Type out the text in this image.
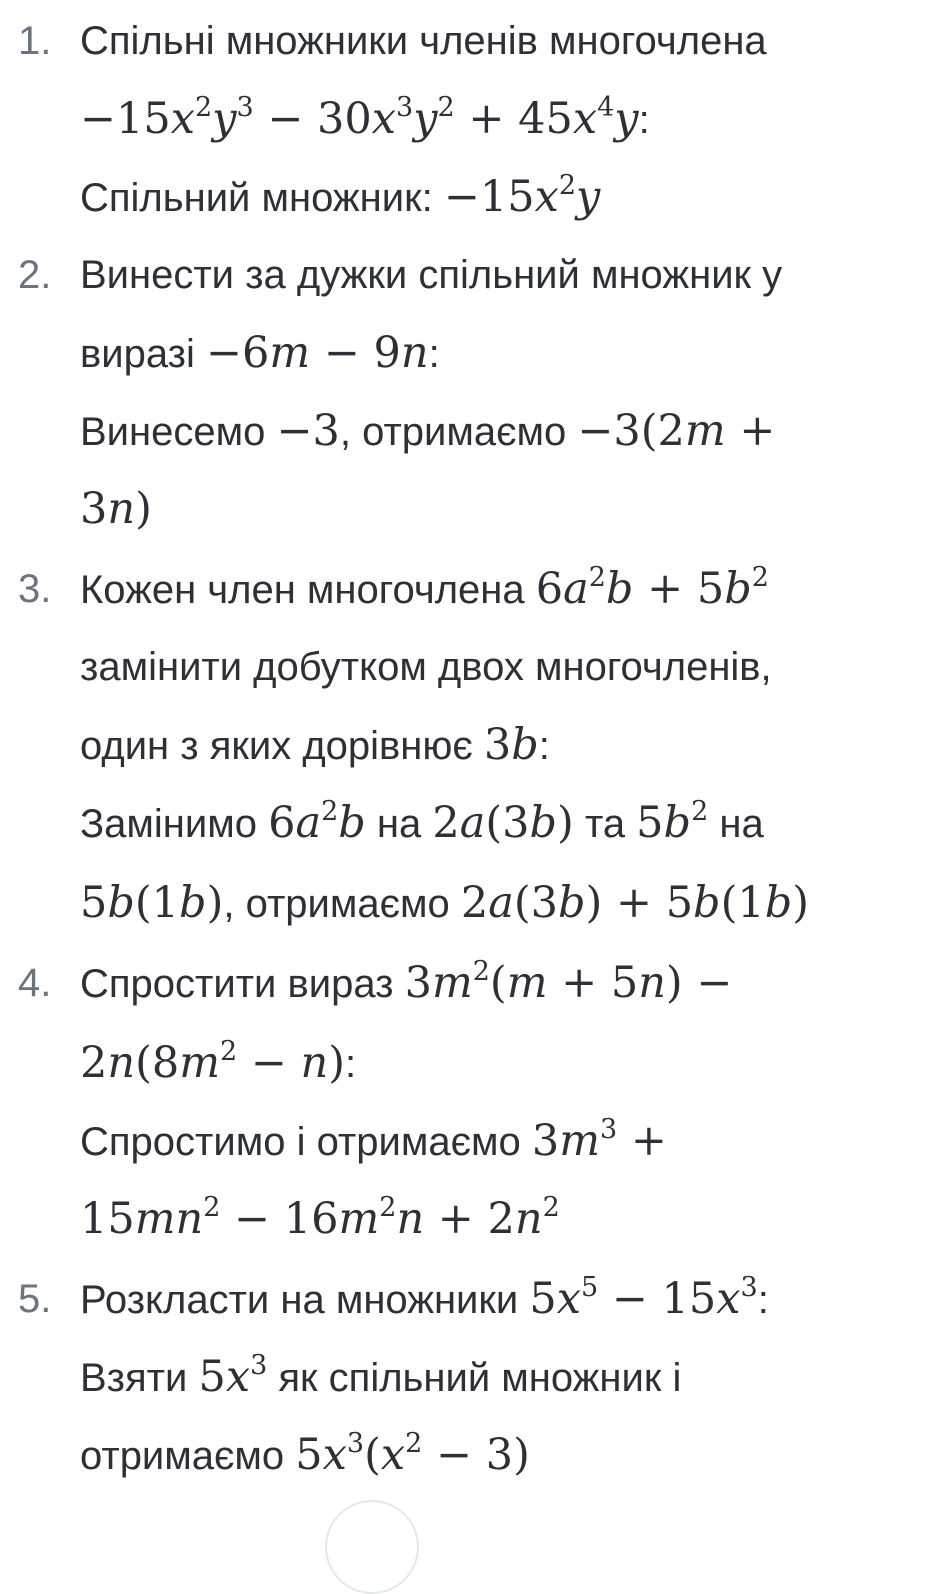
1. Спільні множники членів многочлена
$-15x^2y^3 - 30x^3y^2 + 45x^4y$:
Спільний множник: $-15x^2y$
2. Винести за дужки спільний множник у
виразі −6m − 9n:
Винесемо −3, отримаємо −3(2m +
3n)
3. Кожен член многочлена $6a^2b + 5b^2$
замінити добутком двох многочленів,
один з яких дорівнює 3b:
Замінимо $6a^2b$ на 2a(3b) та $5b^2$ на
5b(1b), отримаємо 2a(3b) + 5b(1b)
4. Спростити вираз $3m^2(m + 5n)$ −
$2n(8m^2 - n)$:
Спростимо і отримаємо $3m^3$ +
$15mn^2 - 16m^2n + 2n^2$
5. Розкласти на множники $5x^5 - 15x^3$:
Взяти $5x^3$ як спільний множник і
отримаємо $5x^3(x^2 - 3)$
